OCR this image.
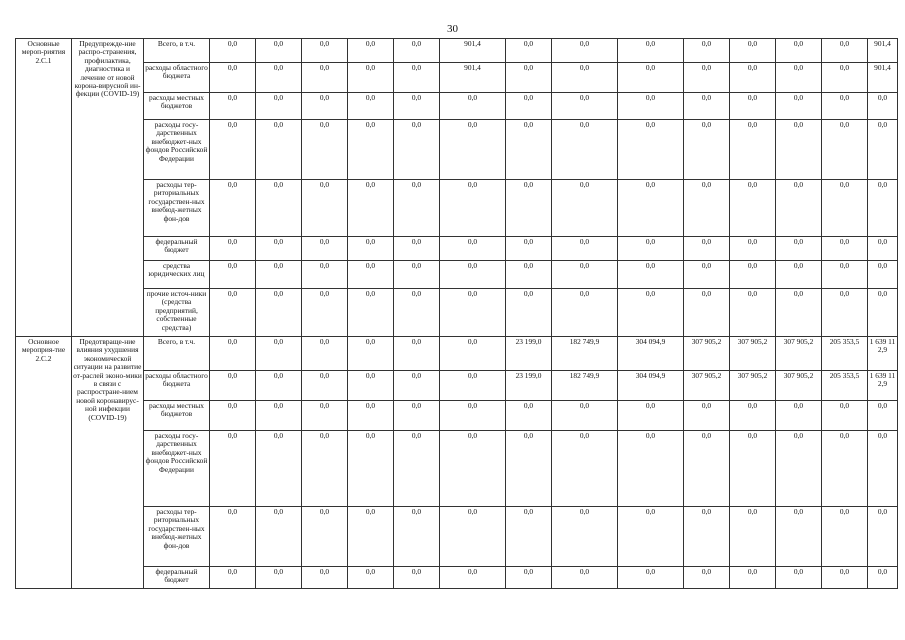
30
Основные мероп-риятия 2.С.1	Предупрежде-ние распро-странения, профилактика, диагностика и лечение от новой корона-вирусной ин-фекции (COVID-19)	Всего, в т.ч.	0,0	0,0	0,0	0,0	0,0	901,4	0,0	0,0	0,0	0,0	0,0	0,0	0,0	901,4
		расходы областного бюджета	0,0	0,0	0,0	0,0	0,0	901,4	0,0	0,0	0,0	0,0	0,0	0,0	0,0	901,4
		расходы местных бюджетов	0,0	0,0	0,0	0,0	0,0	0,0	0,0	0,0	0,0	0,0	0,0	0,0	0,0	0,0
		расходы госу-дарственных внебюджет-ных фондов Российской Федерации	0,0	0,0	0,0	0,0	0,0	0,0	0,0	0,0	0,0	0,0	0,0	0,0	0,0	0,0
		расходы тер-риториальных государствен-ных внебюд-жетных фон-дов	0,0	0,0	0,0	0,0	0,0	0,0	0,0	0,0	0,0	0,0	0,0	0,0	0,0	0,0
		федеральный бюджет	0,0	0,0	0,0	0,0	0,0	0,0	0,0	0,0	0,0	0,0	0,0	0,0	0,0	0,0
		средства юридических лиц	0,0	0,0	0,0	0,0	0,0	0,0	0,0	0,0	0,0	0,0	0,0	0,0	0,0	0,0
		прочие источ-ники (средства предприятий, собственные средства)	0,0	0,0	0,0	0,0	0,0	0,0	0,0	0,0	0,0	0,0	0,0	0,0	0,0	0,0
Основное мероприя-тие 2.С.2	Предотвраще-ние влияния ухудшения экономической ситуации на развитие от-раслей эконо-мики в связи с распростране-нием новой коронавирус-ной инфекции (COVID-19)	Всего, в т.ч.	0,0	0,0	0,0	0,0	0,0	0,0	23 199,0	182 749,9	304 094,9	307 905,2	307 905,2	307 905,2	205 353,5	1 639 112,9
		расходы областного бюджета	0,0	0,0	0,0	0,0	0,0	0,0	23 199,0	182 749,9	304 094,9	307 905,2	307 905,2	307 905,2	205 353,5	1 639 112,9
		расходы местных бюджетов	0,0	0,0	0,0	0,0	0,0	0,0	0,0	0,0	0,0	0,0	0,0	0,0	0,0	0,0
		расходы госу-дарственных внебюджет-ных фондов Российской Федерации	0,0	0,0	0,0	0,0	0,0	0,0	0,0	0,0	0,0	0,0	0,0	0,0	0,0	0,0
		расходы тер-риториальных государствен-ных внебюд-жетных фон-дов	0,0	0,0	0,0	0,0	0,0	0,0	0,0	0,0	0,0	0,0	0,0	0,0	0,0	0,0
		федеральный бюджет	0,0	0,0	0,0	0,0	0,0	0,0	0,0	0,0	0,0	0,0	0,0	0,0	0,0	0,0
